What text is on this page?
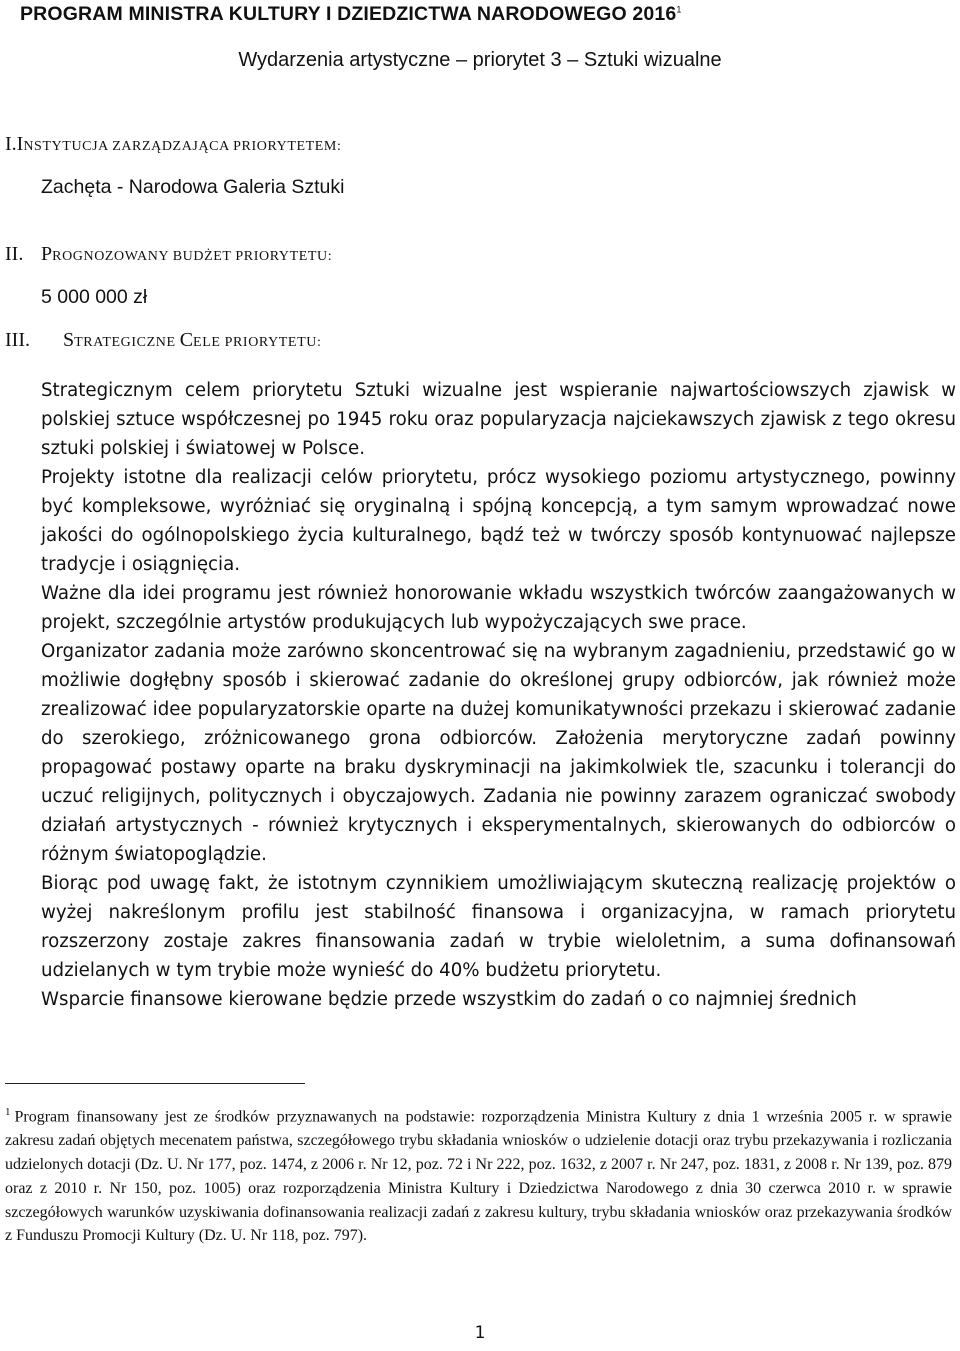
PROGRAM MINISTRA KULTURY I DZIEDZICTWA NARODOWEGO 2016$^1$
Wydarzenia artystyczne – priorytet 3 – Sztuki wizualne
I.INSTYTUCJA ZARZĄDZAJĄCA PRIORYTETEM:
Zachęta - Narodowa Galeria Sztuki
II. PROGNOZOWANY BUDŻET PRIORYTETU:
5 000 000 zł
III. STRATEGICZNE CELE PRIORYTETU:

Strategicznym celem priorytetu Sztuki wizualne jest wspieranie najwartościowszych zjawisk w polskiej sztuce współczesnej po 1945 roku oraz popularyzacja najciekawszych zjawisk z tego okresu sztuki polskiej i światowej w Polsce.

Projekty istotne dla realizacji celów priorytetu, prócz wysokiego poziomu artystycznego, powinny być kompleksowe, wyróżniać się oryginalną i spójną koncepcją, a tym samym wprowadzać nowe jakości do ogólnopolskiego życia kulturalnego, bądź też w twórczy sposób kontynuować najlepsze tradycje i osiągnięcia.

Ważne dla idei programu jest również honorowanie wkładu wszystkich twórców zaangażowanych w projekt, szczególnie artystów produkujących lub wypożyczających swe prace.

Organizator zadania może zarówno skoncentrować się na wybranym zagadnieniu, przedstawić go w możliwie dogłębny sposób i skierować zadanie do określonej grupy odbiorców, jak również może zrealizować idee popularyzatorskie oparte na dużej komunikatywności przekazu i skierować zadanie do szerokiego, zróżnicowanego grona odbiorców. Założenia merytoryczne zadań powinny propagować postawy oparte na braku dyskryminacji na jakimkolwiek tle, szacunku i tolerancji do uczuć religijnych, politycznych i obyczajowych. Zadania nie powinny zarazem ograniczać swobody działań artystycznych - również krytycznych i eksperymentalnych, skierowanych do odbiorców o różnym światopoglądzie.

Biorąc pod uwagę fakt, że istotnym czynnikiem umożliwiającym skuteczną realizację projektów o wyżej nakreślonym profilu jest stabilność finansowa i organizacyjna, w ramach priorytetu rozszerzony zostaje zakres finansowania zadań w trybie wieloletnim, a suma dofinansowań udzielanych w tym trybie może wynieść do 40% budżetu priorytetu.

Wsparcie finansowe kierowane będzie przede wszystkim do zadań o co najmniej średnich

$^1$ Program finansowany jest ze środków przyznawanych na podstawie: rozporządzenia Ministra Kultury z dnia 1 września 2005 r. w sprawie zakresu zadań objętych mecenatem państwa, szczegółowego trybu składania wniosków o udzielenie dotacji oraz trybu przekazywania i rozliczania udzielonych dotacji (Dz. U. Nr 177, poz. 1474, z 2006 r. Nr 12, poz. 72 i Nr 222, poz. 1632, z 2007 r. Nr 247, poz. 1831, z 2008 r. Nr 139, poz. 879 oraz z 2010 r. Nr 150, poz. 1005) oraz rozporządzenia Ministra Kultury i Dziedzictwa Narodowego z dnia 30 czerwca 2010 r. w sprawie szczegółowych warunków uzyskiwania dofinansowania realizacji zadań z zakresu kultury, trybu składania wniosków oraz przekazywania środków z Funduszu Promocji Kultury (Dz. U. Nr 118, poz. 797).
1
